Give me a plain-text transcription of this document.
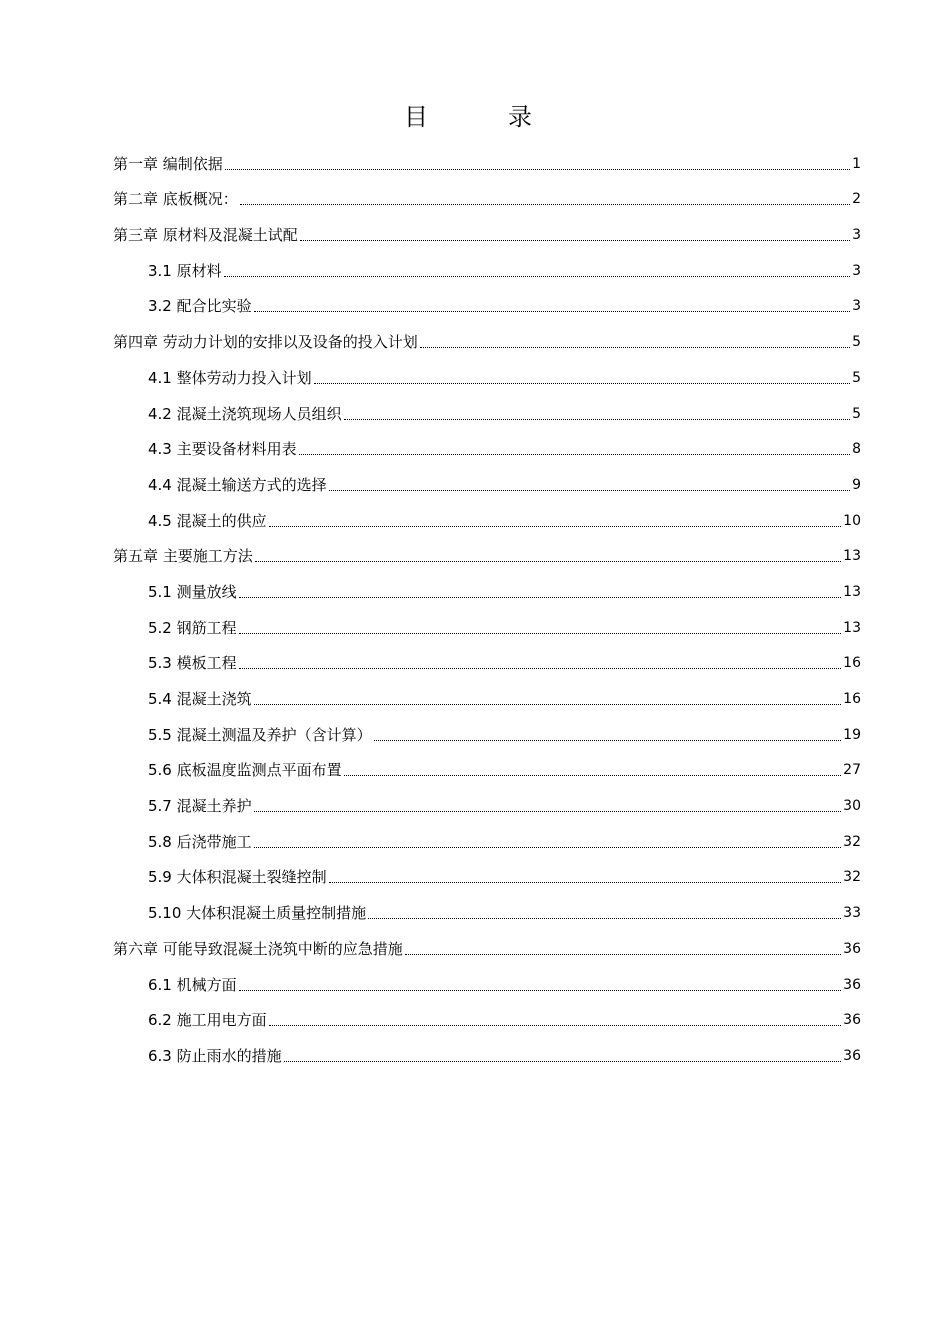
目　录
第一章 编制依据	1
第二章 底板概况：	2
第三章 原材料及混凝土试配	3
3.1 原材料	3
3.2 配合比实验	3
第四章 劳动力计划的安排以及设备的投入计划	5
4.1 整体劳动力投入计划	5
4.2 混凝土浇筑现场人员组织	5
4.3 主要设备材料用表	8
4.4 混凝土输送方式的选择	9
4.5 混凝土的供应	10
第五章 主要施工方法	13
5.1 测量放线	13
5.2 钢筋工程	13
5.3 模板工程	16
5.4 混凝土浇筑	16
5.5 混凝土测温及养护（含计算）	19
5.6 底板温度监测点平面布置	27
5.7 混凝土养护	30
5.8 后浇带施工	32
5.9 大体积混凝土裂缝控制	32
5.10 大体积混凝土质量控制措施	33
第六章 可能导致混凝土浇筑中断的应急措施	36
6.1 机械方面	36
6.2 施工用电方面	36
6.3 防止雨水的措施	36
